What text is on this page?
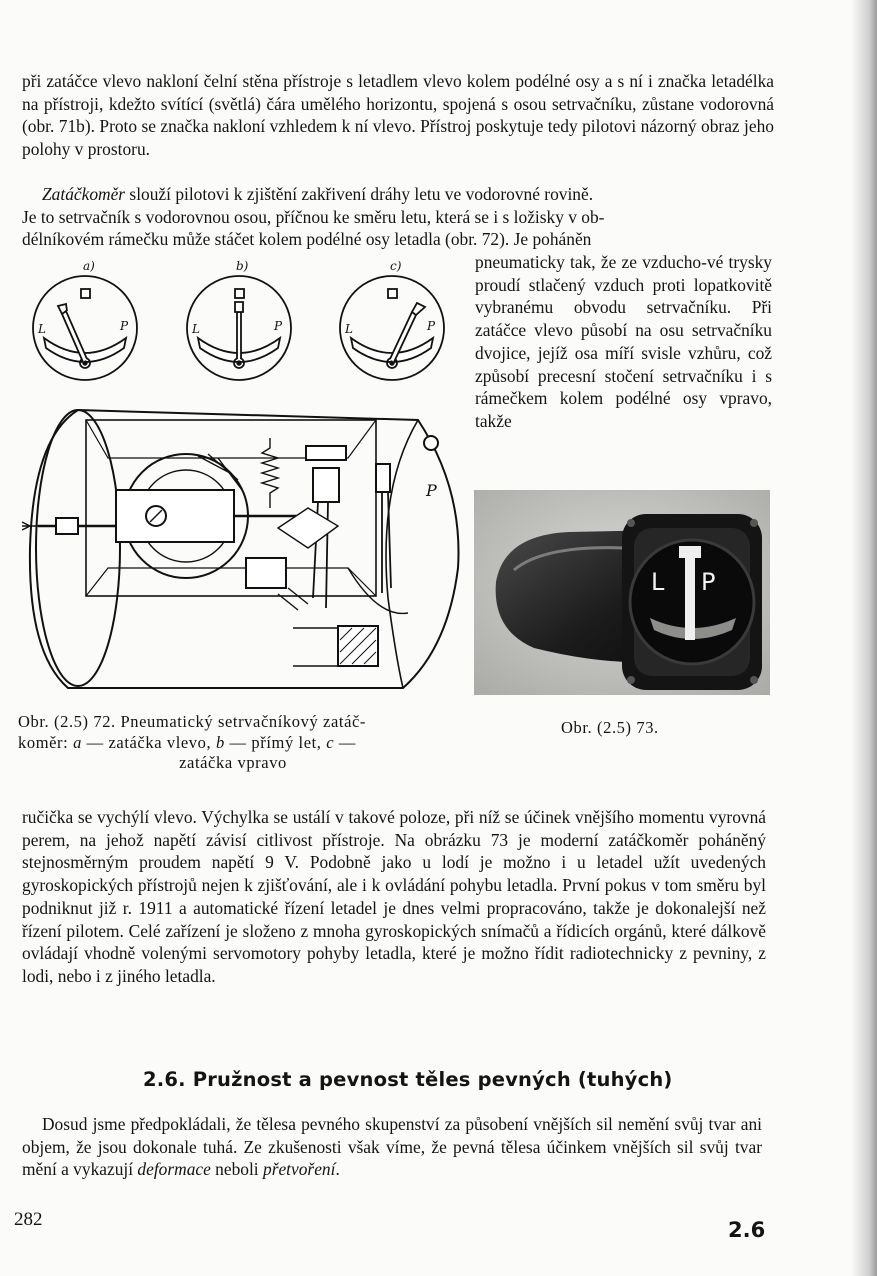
při zatáčce vlevo nakloní čelní stěna přístroje s letadlem vlevo kolem podélné osy a s ní i značka letadélka na přístroji, kdežto svítící (světlá) čára umělého horizontu, spojená s osou setrvačníku, zůstane vodorovná (obr. 71b). Proto se značka nakloní vzhledem k ní vlevo. Přístroj poskytuje tedy pilotovi názorný obraz jeho polohy v prostoru.

Zatáčkoměr slouží pilotovi k zjištění zakřivení dráhy letu ve vodorovné rovině.
Je to setrvačník s vodorovnou osou, příčnou ke směru letu, která se i s ložisky v ob-
délníkovém rámečku může stáčet kolem podélné osy letadla (obr. 72). Je poháněn

pneumaticky tak, že ze vzducho-vé trysky proudí stlačený vzduch proti lopatkovitě vybranému obvodu setrvačníku. Při zatáčce vlevo působí na osu setrvačníku dvojice, jejíž osa míří svisle vzhůru, což způsobí precesní stočení setrvačníku i s rámečkem kolem podélné osy vpravo, takže

a)	b)	c)
L	P	L	P	L	P
P
L P

Obr. (2.5) 72. Pneumatický setrvačníkový zatáč-
koměr: a — zatáčka vlevo, b — přímý let, c —
zatáčka vpravo

Obr. (2.5) 73.

ručička se vychýlí vlevo. Výchylka se ustálí v takové poloze, při níž se účinek vnějšího momentu vyrovná perem, na jehož napětí závisí citlivost přístroje. Na obrázku 73 je moderní zatáčkoměr poháněný stejnosměrným proudem napětí 9 V. Podobně jako u lodí je možno i u letadel užít uvedených gyroskopických přístrojů nejen k zjišťování, ale i k ovládání pohybu letadla. První pokus v tom směru byl podniknut již r. 1911 a automatické řízení letadel je dnes velmi propracováno, takže je dokonalejší než řízení pilotem. Celé zařízení je složeno z mnoha gyroskopických snímačů a řídicích orgánů, které dálkově ovládají vhodně volenými servomotory pohyby letadla, které je možno řídit radiotechnicky z pevniny, z lodi, nebo i z jiného letadla.

2.6. Pružnost a pevnost těles pevných (tuhých)

Dosud jsme předpokládali, že tělesa pevného skupenství za působení vnějších sil nemění svůj tvar ani objem, že jsou dokonale tuhá. Ze zkušenosti však víme, že pevná tělesa účinkem vnějších sil svůj tvar mění a vykazují deformace neboli přetvoření.

282	2.6
